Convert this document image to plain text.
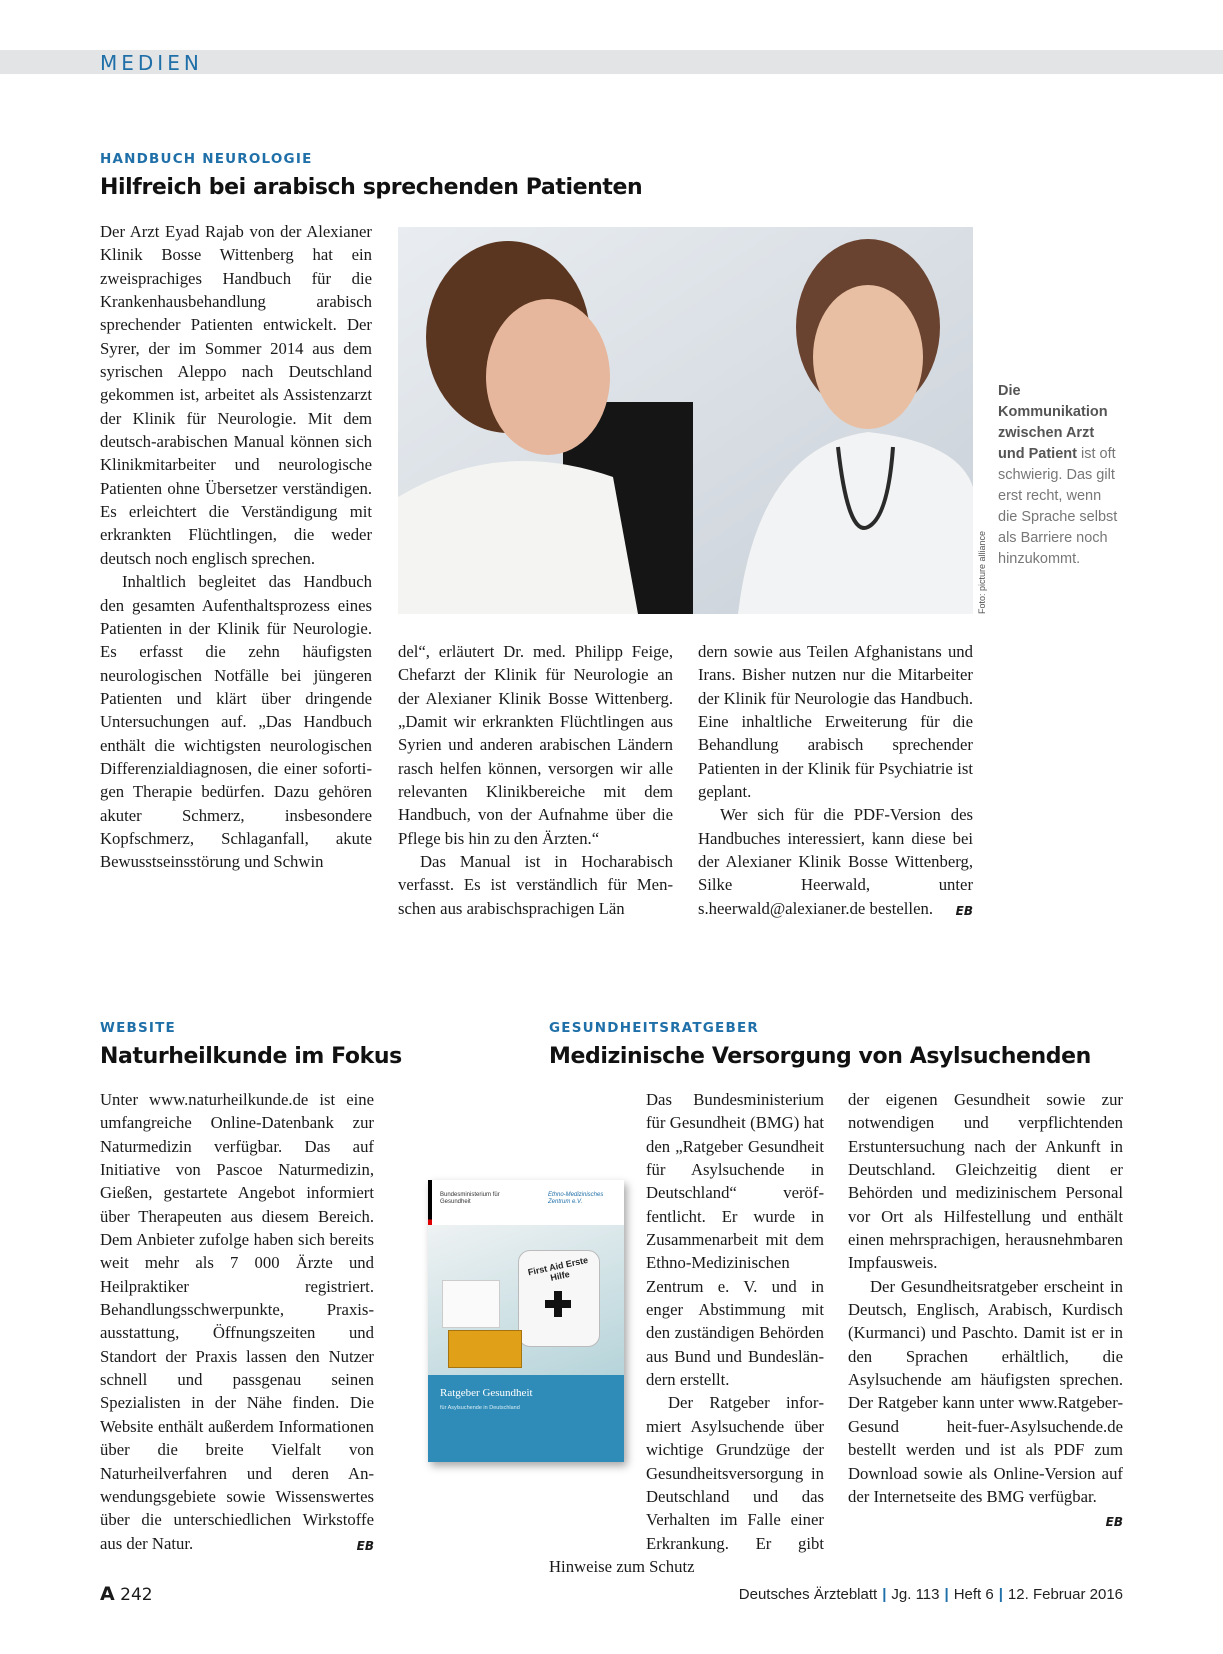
MEDIEN
HANDBUCH NEUROLOGIE
Hilfreich bei arabisch sprechenden Patienten

Der Arzt Eyad Rajab von der Alexianer Klinik Bosse Wittenberg hat ein zweisprachiges Handbuch für die Krankenhausbehandlung arabisch sprechender Patienten entwickelt. Der Syrer, der im Sommer 2014 aus dem syrischen Aleppo nach Deutschland gekommen ist, arbeitet als Assistenzarzt der Klinik für Neurologie. Mit dem deutsch-arabischen Manual können sich Klinikmitarbeiter und neurologische Patienten ohne Übersetzer verständigen. Es erleichtert die Verständigung mit erkrankten Flüchtlingen, die weder deutsch noch englisch sprechen.

Inhaltlich begleitet das Handbuch den gesamten Aufenthaltsprozess eines Patienten in der Klinik für Neurologie. Es erfasst die zehn häufigsten neurologischen Notfälle bei jüngeren Patienten und klärt über dringende Untersuchungen auf. „Das Handbuch enthält die wichtigsten neurologischen Differenzialdiagnosen, die einer sofortigen Therapie bedürfen. Dazu gehören akuter Schmerz, insbesondere Kopfschmerz, Schlaganfall, akute Bewusstseinsstörung und Schwin

Foto: picture alliance
Die Kommunikation zwischen Arzt und Patient ist oft schwierig. Das gilt erst recht, wenn die Sprache selbst als Barriere noch hinzukommt.

del“, erläutert Dr. med. Philipp Feige, Chefarzt der Klinik für Neurologie an der Alexianer Klinik Bosse Wittenberg. „Damit wir erkrankten Flüchtlingen aus Syrien und anderen arabischen Ländern rasch helfen können, versorgen wir alle relevanten Klinikbereiche mit dem Handbuch, von der Aufnahme über die Pflege bis hin zu den Ärzten.“

Das Manual ist in Hocharabisch verfasst. Es ist verständlich für Menschen aus arabischsprachigen Län

dern sowie aus Teilen Afghanistans und Irans. Bisher nutzen nur die Mitarbeiter der Klinik für Neurologie das Handbuch. Eine inhaltliche Erweiterung für die Behandlung arabisch sprechender Patienten in der Klinik für Psychiatrie ist geplant.

Wer sich für die PDF-Version des Handbuches interessiert, kann diese bei der Alexianer Klinik Bosse Wittenberg, Silke Heerwald, unter s.heerwald@alexianer.de bestellen.	EB

WEBSITE
Naturheilkunde im Fokus

Unter www.naturheilkunde.de ist eine umfangreiche Online-Datenbank zur Naturmedizin verfügbar. Das auf Initiative von Pascoe Naturmedizin, Gießen, gestartete Angebot informiert über Therapeuten aus diesem Bereich. Dem Anbieter zufolge haben sich bereits weit mehr als 7 000 Ärzte und Heilpraktiker registriert. Behandlungsschwerpunkte, Praxisausstattung, Öffnungszeiten und Standort der Praxis lassen den Nutzer schnell und passgenau seinen Spezialisten in der Nähe finden. Die Website enthält außerdem Informationen über die breite Vielfalt von Naturheilverfahren und deren Anwendungsgebiete sowie Wissenswertes über die unterschiedlichen Wirkstoffe aus der Natur.	EB

GESUNDHEITSRATGEBER
Medizinische Versorgung von Asylsuchenden
Bundesministerium für Gesundheit
Ethno-Medizinisches Zentrum e.V.
First Aid Erste Hilfe
Ratgeber Gesundheit
für Asylsuchende in Deutschland

Das Bundesministerium für Gesundheit (BMG) hat den „Ratgeber Gesundheit für Asylsuchende in Deutschland“ veröffentlicht. Er wurde in Zusammenarbeit mit dem Ethno-Medizinischen Zentrum e. V. und in enger Abstimmung mit den zuständigen Behörden aus Bund und Bundesländern erstellt.

Der Ratgeber informiert Asylsuchende über wichtige Grundzüge der Gesundheitsversorgung in Deutschland und das Verhalten im Falle einer Erkrankung. Er gibt Hinweise zum Schutz

der eigenen Gesundheit sowie zur notwendigen und verpflichtenden Erstuntersuchung nach der Ankunft in Deutschland. Gleichzeitig dient er Behörden und medizinischem Personal vor Ort als Hilfestellung und enthält einen mehrsprachigen, herausnehmbaren Impfausweis.

Der Gesundheitsratgeber erscheint in Deutsch, Englisch, Arabisch, Kurdisch (Kurmanci) und Paschto. Damit ist er in den Sprachen erhältlich, die Asylsuchende am häufigsten sprechen. Der Ratgeber kann unter www.Ratgeber-Gesund heit-fuer-Asylsuchende.de bestellt werden und ist als PDF zum Download sowie als Online-Version auf der Internetseite des BMG verfügbar.
EB

A 242	Deutsches Ärzteblatt | Jg. 113 | Heft 6 | 12. Februar 2016
